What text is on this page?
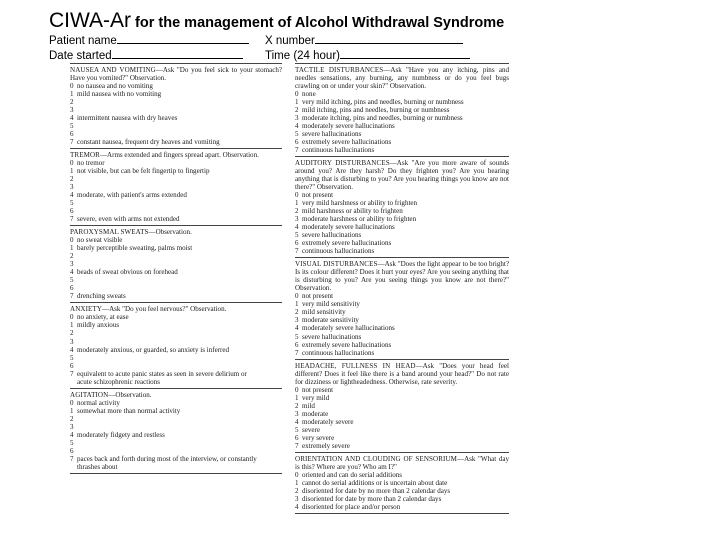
CIWA-Ar for the management of Alcohol Withdrawal Syndrome
Patient name	X number
Date started	Time (24 hour)
NAUSEA AND VOMITING—Ask "Do you feel sick to your stomach? Have you vomited?" Observation.
0 no nausea and no vomiting
1 mild nausea with no vomiting
2
3
4 intermittent nausea with dry heaves
5
6
7 constant nausea, frequent dry heaves and vomiting
TREMOR—Arms extended and fingers spread apart. Observation.
0 no tremor
1 not visible, but can be felt fingertip to fingertip
2
3
4 moderate, with patient's arms extended
5
6
7 severe, even with arms not extended
PAROXYSMAL SWEATS—Observation.
0 no sweat visible
1 barely perceptible sweating, palms moist
2
3
4 beads of sweat obvious on forehead
5
6
7 drenching sweats
ANXIETY—Ask "Do you feel nervous?" Observation.
0 no anxiety, at ease
1 mildly anxious
2
3
4 moderately anxious, or guarded, so anxiety is inferred
5
6
7 equivalent to acute panic states as seen in severe delirium or
acute schizophrenic reactions
AGITATION—Observation.
0 normal activity
1 somewhat more than normal activity
2
3
4 moderately fidgety and restless
5
6
7 paces back and forth during most of the interview, or constantly
thrashes about
TACTILE DISTURBANCES—Ask "Have you any itching, pins and needles sensations, any burning, any numbness or do you feel bugs crawling on or under your skin?" Observation.
0 none
1 very mild itching, pins and needles, burning or numbness
2 mild itching, pins and needles, burning or numbness
3 moderate itching, pins and needles, burning or numbness
4 moderately severe hallucinations
5 severe hallucinations
6 extremely severe hallucinations
7 continuous hallucinations
AUDITORY DISTURBANCES—Ask "Are you more aware of sounds around you? Are they harsh? Do they frighten you? Are you hearing anything that is disturbing to you? Are you hearing things you know are not there?" Observation.
0 not present
1 very mild harshness or ability to frighten
2 mild harshness or ability to frighten
3 moderate harshness or ability to frighten
4 moderately severe hallucinations
5 severe hallucinations
6 extremely severe hallucinations
7 continuous hallucinations
VISUAL DISTURBANCES—Ask "Does the light appear to be too bright? Is its colour different? Does it hurt your eyes? Are you seeing anything that is disturbing to you? Are you seeing things you know are not there?" Observation.
0 not present
1 very mild sensitivity
2 mild sensitivity
3 moderate sensitivity
4 moderately severe hallucinations
5 severe hallucinations
6 extremely severe hallucinations
7 continuous hallucinations
HEADACHE, FULLNESS IN HEAD—Ask "Does your head feel different? Does it feel like there is a band around your head?" Do not rate for dizziness or lightheadedness. Otherwise, rate severity.
0 not present
1 very mild
2 mild
3 moderate
4 moderately severe
5 severe
6 very severe
7 extremely severe
ORIENTATION AND CLOUDING OF SENSORIUM—Ask "What day is this? Where are you? Who am I?"
0 oriented and can do serial additions
1 cannot do serial additions or is uncertain about date
2 disoriented for date by no more than 2 calendar days
3 disoriented for date by more than 2 calendar days
4 disoriented for place and/or person
